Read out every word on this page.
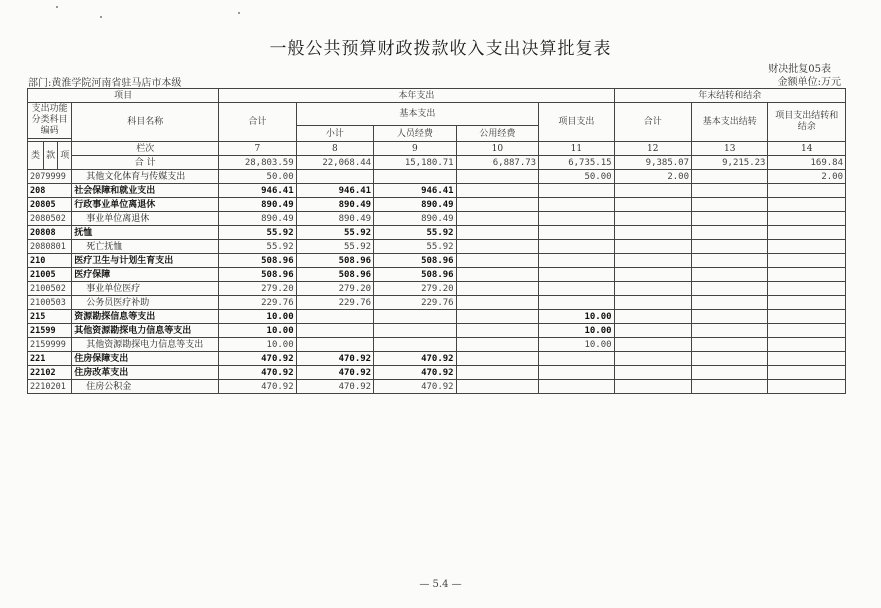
一般公共预算财政拨款收入支出决算批复表
财决批复05表
金额单位:万元
部门:黄淮学院河南省驻马店市本级
项目				本年支出					年末结转和结余		
支出功能分类科目编码			科目名称	合计	基本支出			项目支出	合计	基本支出结转	项目支出结转和结余
					小计	人员经费	公用经费				

类	款	项	栏次	7	8	9	10	11	12	13	14
			合 计	28,803.59	22,068.44	15,180.71	6,887.73	6,735.15	9,385.07	9,215.23	169.84
2079999			其他文化体育与传媒支出	50.00				50.00	2.00		2.00
208			社会保障和就业支出	946.41	946.41	946.41					
20805			行政事业单位离退休	890.49	890.49	890.49					
2080502			事业单位离退休	890.49	890.49	890.49					
20808			抚恤	55.92	55.92	55.92					
2080801			死亡抚恤	55.92	55.92	55.92					
210			医疗卫生与计划生育支出	508.96	508.96	508.96					
21005			医疗保障	508.96	508.96	508.96					
2100502			事业单位医疗	279.20	279.20	279.20					
2100503			公务员医疗补助	229.76	229.76	229.76					
215			资源勘探信息等支出	10.00				10.00			
21599			其他资源勘探电力信息等支出	10.00				10.00			
2159999			其他资源勘探电力信息等支出	10.00				10.00			
221			住房保障支出	470.92	470.92	470.92					
22102			住房改革支出	470.92	470.92	470.92					
2210201			住房公积金	470.92	470.92	470.92					
— 5.4 —
